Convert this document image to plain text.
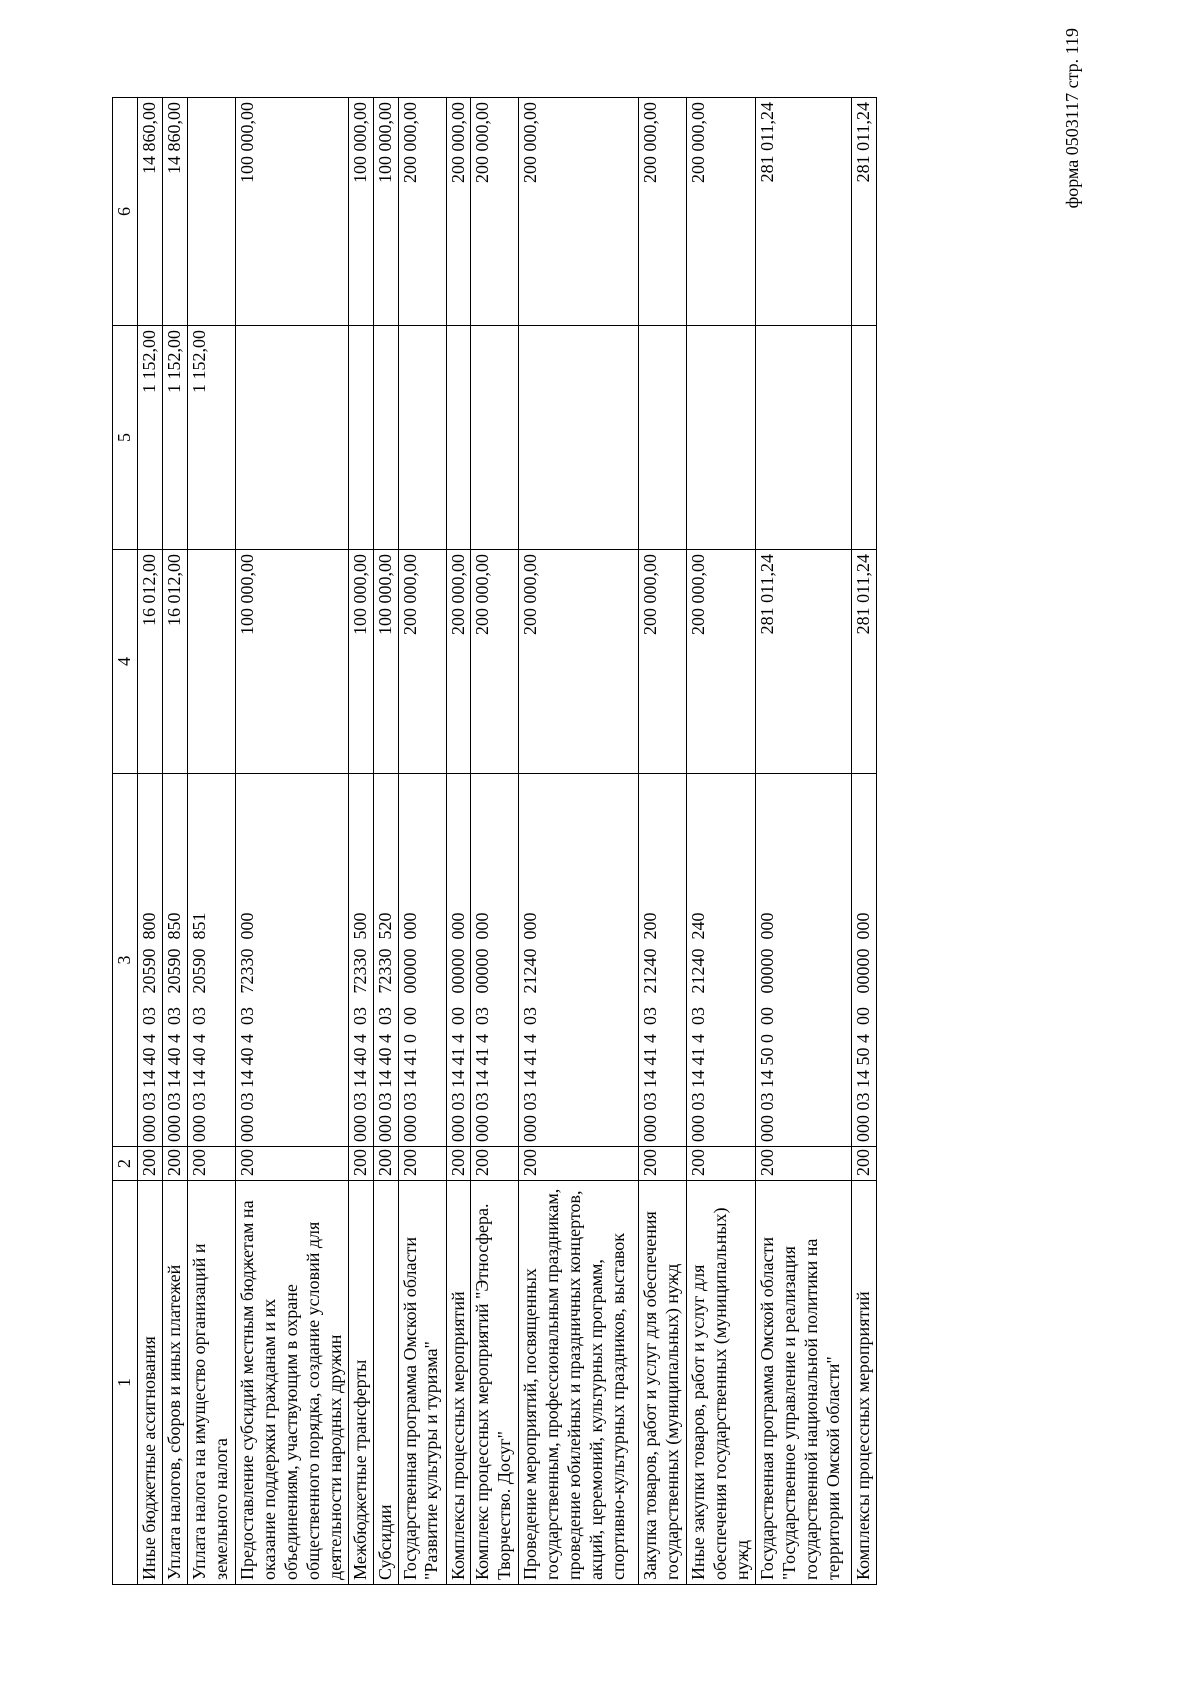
форма 0503117 стр. 119
1	2	3	4	5	6
Иные бюджетные ассигнования	200	000 03 14 40 4  03   20590  800	16 012,00	1 152,00	14 860,00
Уплата налогов, сборов и иных платежей	200	000 03 14 40 4  03   20590  850	16 012,00	1 152,00	14 860,00
Уплата налога на имущество организаций и земельного налога	200	000 03 14 40 4  03   20590  851		1 152,00	
Предоставление субсидий местным бюджетам на оказание поддержки гражданам и их объединениям, участвующим в охране общественного порядка, создание условий для деятельности народных дружин	200	000 03 14 40 4  03   72330  000	100 000,00		100 000,00
Межбюджетные трансферты	200	000 03 14 40 4  03   72330  500	100 000,00		100 000,00
Субсидии	200	000 03 14 40 4  03   72330  520	100 000,00		100 000,00
Государственная программа Омской области "Развитие культуры и туризма"	200	000 03 14 41 0  00   00000  000	200 000,00		200 000,00
Комплексы процессных мероприятий	200	000 03 14 41 4  00   00000  000	200 000,00		200 000,00
Комплекс процессных мероприятий "Этносфера. Творчество. Досуг"	200	000 03 14 41 4  03   00000  000	200 000,00		200 000,00
Проведение мероприятий, посвященных государственным, профессиональным праздникам, проведение юбилейных и праздничных концертов, акций, церемоний, культурных программ, спортивно-культурных праздников, выставок	200	000 03 14 41 4  03   21240  000	200 000,00		200 000,00
Закупка товаров, работ и услуг для обеспечения государственных (муниципальных) нужд	200	000 03 14 41 4  03   21240  200	200 000,00		200 000,00
Иные закупки товаров, работ и услуг для обеспечения государственных (муниципальных) нужд	200	000 03 14 41 4  03   21240  240	200 000,00		200 000,00
Государственная программа Омской области "Государственное управление и реализация государственной национальной политики на территории Омской области"	200	000 03 14 50 0  00   00000  000	281 011,24		281 011,24
Комплексы процессных мероприятий	200	000 03 14 50 4  00   00000  000	281 011,24		281 011,24
